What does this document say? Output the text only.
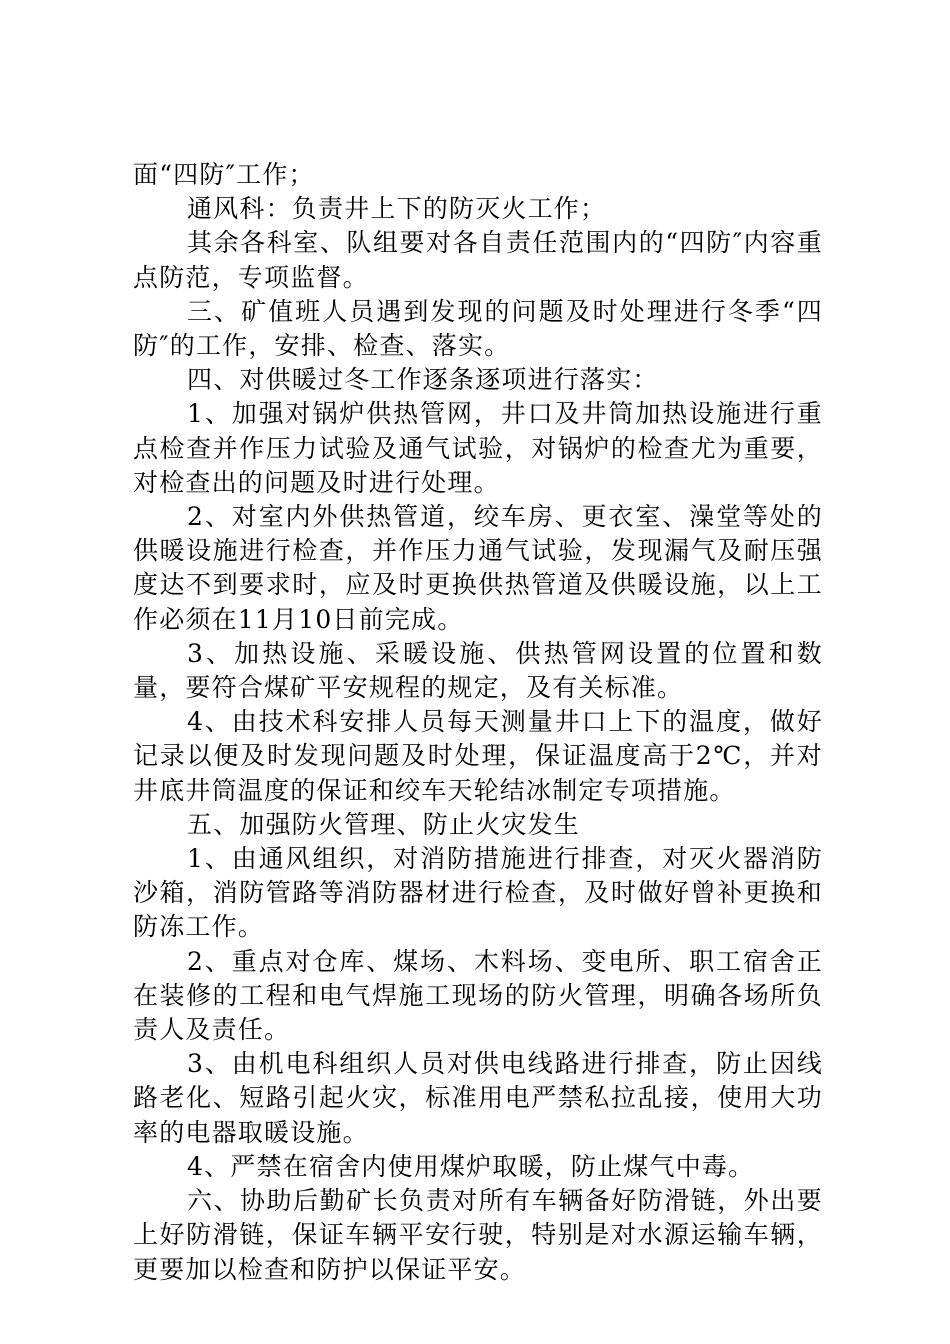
面“四防″工作；

通风科：负责井上下的防灭火工作；

其余各科室、队组要对各自责任范围内的“四防″内容重点防范，专项监督。

三、矿值班人员遇到发现的问题及时处理进行冬季“四防″的工作，安排、检查、落实。

四、对供暖过冬工作逐条逐项进行落实：

1、加强对锅炉供热管网，井口及井筒加热设施进行重点检查并作压力试验及通气试验，对锅炉的检查尤为重要，对检查出的问题及时进行处理。

2、对室内外供热管道，绞车房、更衣室、澡堂等处的供暖设施进行检查，并作压力通气试验，发现漏气及耐压强度达不到要求时，应及时更换供热管道及供暖设施，以上工作必须在11月10日前完成。

3、加热设施、采暖设施、供热管网设置的位置和数量，要符合煤矿平安规程的规定，及有关标准。

4、由技术科安排人员每天测量井口上下的温度，做好记录以便及时发现问题及时处理，保证温度高于2℃，并对井底井筒温度的保证和绞车天轮结冰制定专项措施。

五、加强防火管理、防止火灾发生

1、由通风组织，对消防措施进行排查，对灭火器消防沙箱，消防管路等消防器材进行检查，及时做好曾补更换和防冻工作。

2、重点对仓库、煤场、木料场、变电所、职工宿舍正在装修的工程和电气焊施工现场的防火管理，明确各场所负责人及责任。

3、由机电科组织人员对供电线路进行排查，防止因线路老化、短路引起火灾，标准用电严禁私拉乱接，使用大功率的电器取暖设施。

4、严禁在宿舍内使用煤炉取暖，防止煤气中毒。

六、协助后勤矿长负责对所有车辆备好防滑链，外出要上好防滑链，保证车辆平安行驶，特别是对水源运输车辆，更要加以检查和防护以保证平安。
